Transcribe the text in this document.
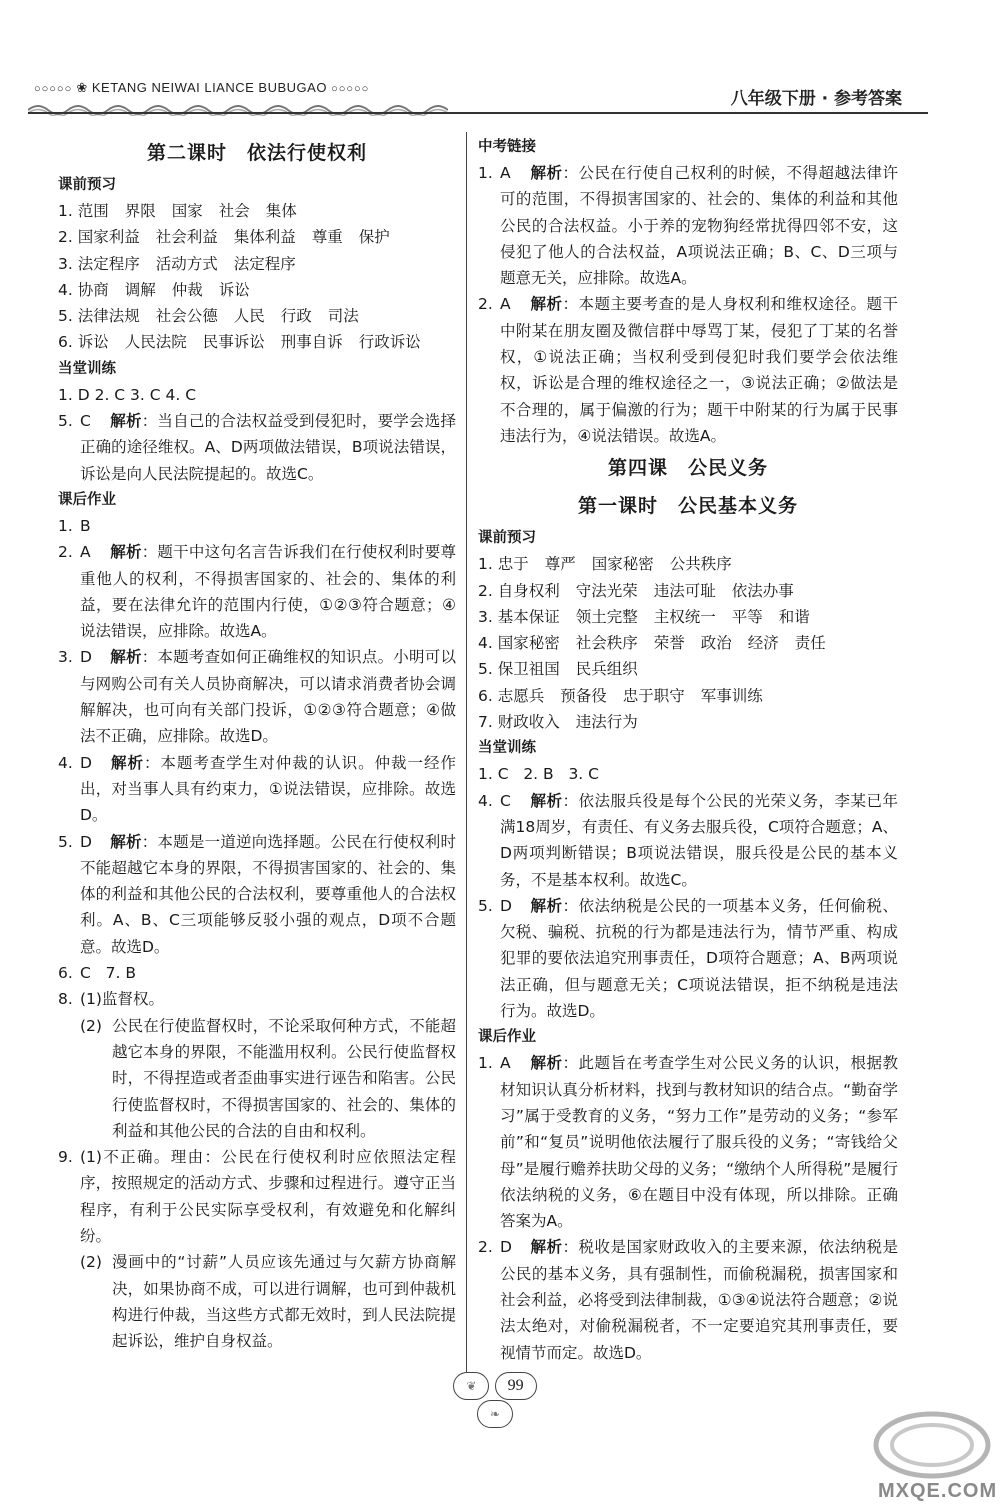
○○○○○ ❀ KETANG NEIWAI LIANCE BUBUGAO ○○○○○	八年级下册 · 参考答案
第二课时 依法行使权利
课前预习
1. 范围 界限 国家 社会 集体
2. 国家利益 社会利益 集体利益 尊重 保护
3. 法定程序 活动方式 法定程序
4. 协商 调解 仲裁 诉讼
5. 法律法规 社会公德 人民 行政 司法
6. 诉讼 人民法院 民事诉讼 刑事自诉 行政诉讼
当堂训练
1. D 2. C 3. C 4. C
5. C 解析：当自己的合法权益受到侵犯时，要学会选择正确的途径维权。A、D两项做法错误，B项说法错误，诉讼是向人民法院提起的。故选C。
课后作业
1. B
2. A 解析：题干中这句名言告诉我们在行使权利时要尊重他人的权利，不得损害国家的、社会的、集体的利益，要在法律允许的范围内行使，①②③符合题意；④说法错误，应排除。故选A。
3. D 解析：本题考查如何正确维权的知识点。小明可以与网购公司有关人员协商解决，可以请求消费者协会调解解决，也可向有关部门投诉，①②③符合题意；④做法不正确，应排除。故选D。
4. D 解析：本题考查学生对仲裁的认识。仲裁一经作出，对当事人具有约束力，①说法错误，应排除。故选D。
5. D 解析：本题是一道逆向选择题。公民在行使权利时不能超越它本身的界限，不得损害国家的、社会的、集体的利益和其他公民的合法权利，要尊重他人的合法权利。A、B、C三项能够反驳小强的观点，D项不合题意。故选D。
6. C   7. B
8. (1)监督权。
(2) 公民在行使监督权时，不论采取何种方式，不能超越它本身的界限，不能滥用权利。公民行使监督权时，不得捏造或者歪曲事实进行诬告和陷害。公民行使监督权时，不得损害国家的、社会的、集体的利益和其他公民的合法的自由和权利。
9. (1)不正确。理由：公民在行使权利时应依照法定程序，按照规定的活动方式、步骤和过程进行。遵守正当程序，有利于公民实际享受权利，有效避免和化解纠纷。
(2) 漫画中的“讨薪”人员应该先通过与欠薪方协商解决，如果协商不成，可以进行调解，也可到仲裁机构进行仲裁，当这些方式都无效时，到人民法院提起诉讼，维护自身权益。
中考链接
1. A 解析：公民在行使自己权利的时候，不得超越法律许可的范围，不得损害国家的、社会的、集体的利益和其他公民的合法权益。小于养的宠物狗经常扰得四邻不安，这侵犯了他人的合法权益，A项说法正确；B、C、D三项与题意无关，应排除。故选A。
2. A 解析：本题主要考查的是人身权利和维权途径。题干中附某在朋友圈及微信群中辱骂丁某，侵犯了丁某的名誉权，①说法正确；当权利受到侵犯时我们要学会依法维权，诉讼是合理的维权途径之一，③说法正确；②做法是不合理的，属于偏激的行为；题干中附某的行为属于民事违法行为，④说法错误。故选A。
第四课 公民义务
第一课时 公民基本义务
课前预习
1. 忠于 尊严 国家秘密 公共秩序
2. 自身权利 守法光荣 违法可耻 依法办事
3. 基本保证 领土完整 主权统一 平等 和谐
4. 国家秘密 社会秩序 荣誉 政治 经济 责任
5. 保卫祖国 民兵组织
6. 志愿兵 预备役 忠于职守 军事训练
7. 财政收入 违法行为
当堂训练
1. C   2. B   3. C
4. C 解析：依法服兵役是每个公民的光荣义务，李某已年满18周岁，有责任、有义务去服兵役，C项符合题意；A、D两项判断错误；B项说法错误，服兵役是公民的基本义务，不是基本权利。故选C。
5. D 解析：依法纳税是公民的一项基本义务，任何偷税、欠税、骗税、抗税的行为都是违法行为，情节严重、构成犯罪的要依法追究刑事责任，D项符合题意；A、B两项说法正确，但与题意无关；C项说法错误，拒不纳税是违法行为。故选D。
课后作业
1. A 解析：此题旨在考查学生对公民义务的认识，根据教材知识认真分析材料，找到与教材知识的结合点。“勤奋学习”属于受教育的义务，“努力工作”是劳动的义务；“参军前”和“复员”说明他依法履行了服兵役的义务；“寄钱给父母”是履行赡养扶助父母的义务；“缴纳个人所得税”是履行依法纳税的义务，⑥在题目中没有体现，所以排除。正确答案为A。
2. D 解析：税收是国家财政收入的主要来源，依法纳税是公民的基本义务，具有强制性，而偷税漏税，损害国家和社会利益，必将受到法律制裁，①③④说法符合题意；②说法太绝对，对偷税漏税者，不一定要追究其刑事责任，要视情节而定。故选D。
❦ 99 ❧
MXQE.COM
